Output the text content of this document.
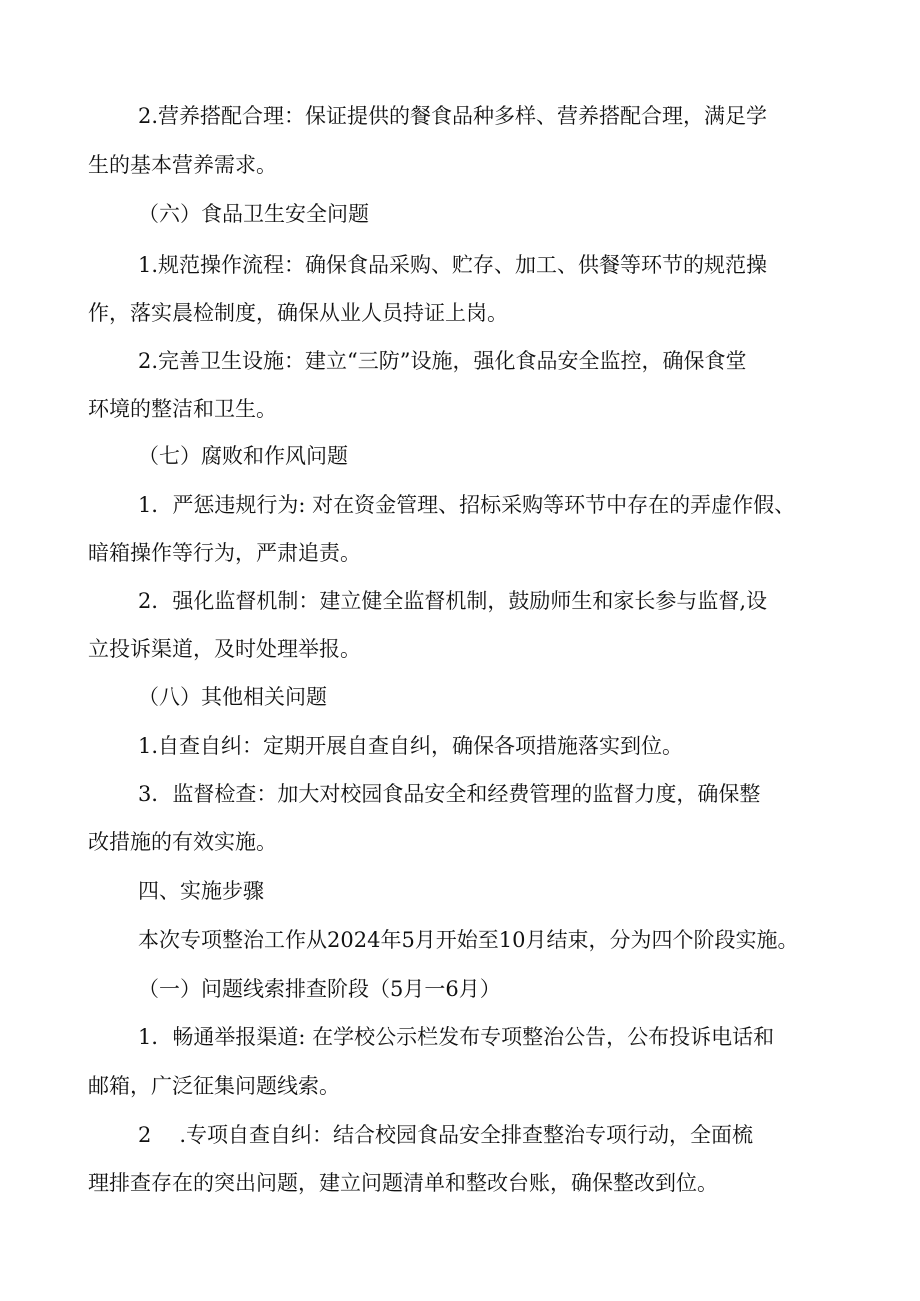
2.营养搭配合理：保证提供的餐食品种多样、营养搭配合理，满足学
生的基本营养需求。
（六）食品卫生安全问题
1.规范操作流程：确保食品采购、贮存、加工、供餐等环节的规范操
作，落实晨检制度，确保从业人员持证上岗。
2.完善卫生设施：建立“三防”设施，强化食品安全监控，确保食堂
环境的整洁和卫生。
（七）腐败和作风问题
1．严惩违规行为: 对在资金管理、招标采购等环节中存在的弄虚作假、
暗箱操作等行为，严肃追责。
2．强化监督机制：建立健全监督机制，鼓励师生和家长参与监督,设
立投诉渠道，及时处理举报。
（八）其他相关问题
1.自查自纠：定期开展自查自纠，确保各项措施落实到位。
3．监督检查：加大对校园食品安全和经费管理的监督力度，确保整
改措施的有效实施。
四、实施步骤
本次专项整治工作从2024年5月开始至10月结束，分为四个阶段实施。
（一）问题线索排查阶段（5月一6月）
1．畅通举报渠道: 在学校公示栏发布专项整治公告，公布投诉电话和
邮箱，广泛征集问题线索。
2 .专项自查自纠：结合校园食品安全排查整治专项行动，全面梳
理排查存在的突出问题，建立问题清单和整改台账，确保整改到位。
